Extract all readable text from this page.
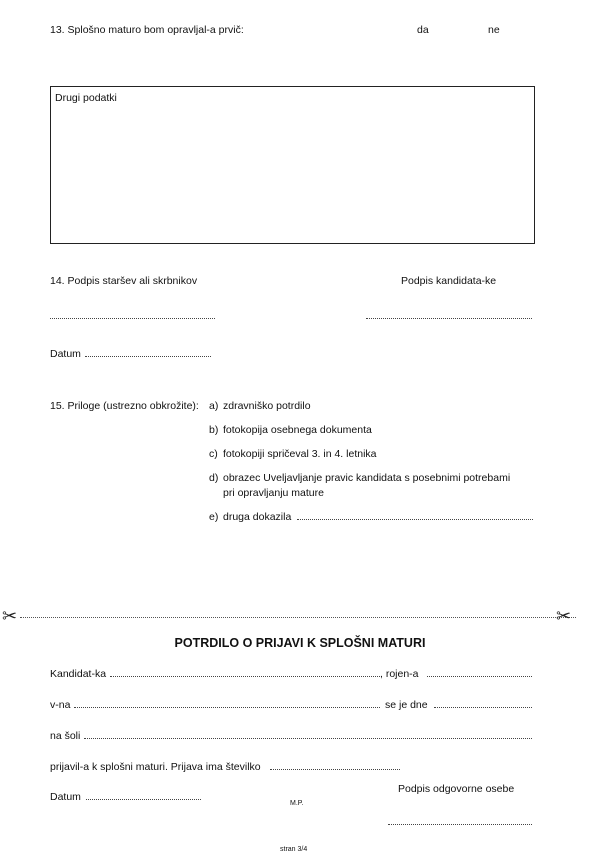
13. Splošno maturo bom opravljal-a prvič:	da	ne
Drugi podatki
14. Podpis staršev ali skrbnikov	Podpis kandidata-ke
Datum
15. Priloge (ustrezno obkrožite): a) zdravniško potrdilo
b) fotokopija osebnega dokumenta
c) fotokopiji spričeval 3. in 4. letnika
d) obrazec Uveljavljanje pravic kandidata s posebnimi potrebami
pri opravljanju mature
e) druga dokazila
✂	✂
POTRDILO O PRIJAVI K SPLOŠNI MATURI
Kandidat-ka	, rojen-a
v-na	se je dne
na šoli
prijavil-a k splošni maturi. Prijava ima številko
Datum
M.P.
Podpis odgovorne osebe
stran 3/4
